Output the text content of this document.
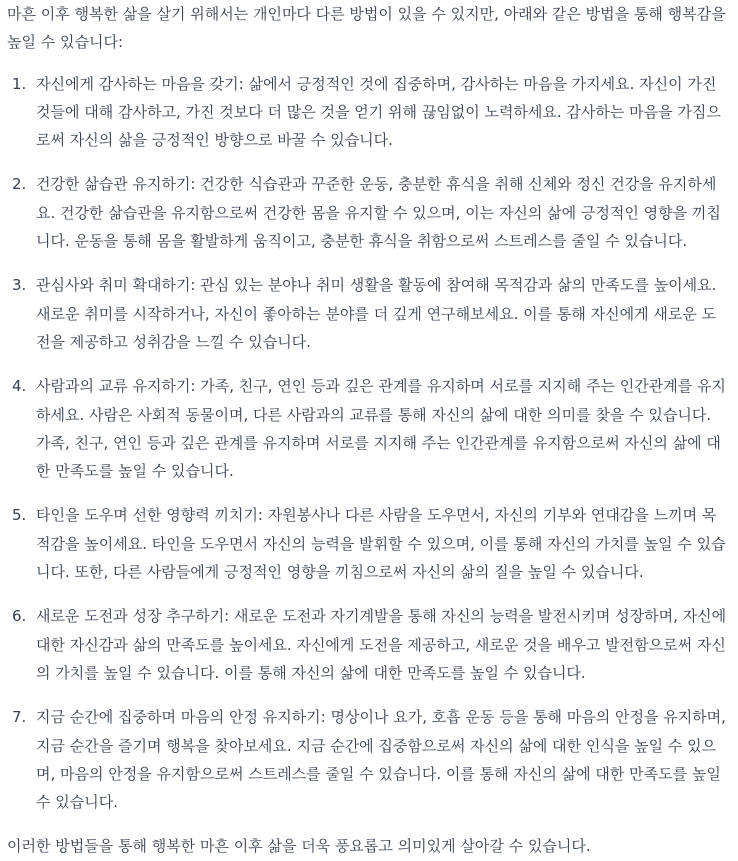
마흔 이후 행복한 삶을 살기 위해서는 개인마다 다른 방법이 있을 수 있지만, 아래와 같은 방법을 통해 행복감을 높일 수 있습니다:

1. 자신에게 감사하는 마음을 갖기: 삶에서 긍정적인 것에 집중하며, 감사하는 마음을 가지세요. 자신이 가진 것들에 대해 감사하고, 가진 것보다 더 많은 것을 얻기 위해 끊임없이 노력하세요. 감사하는 마음을 가짐으로써 자신의 삶을 긍정적인 방향으로 바꿀 수 있습니다.
2. 건강한 삶습관 유지하기: 건강한 식습관과 꾸준한 운동, 충분한 휴식을 취해 신체와 정신 건강을 유지하세요. 건강한 삶습관을 유지함으로써 건강한 몸을 유지할 수 있으며, 이는 자신의 삶에 긍정적인 영향을 끼칩니다. 운동을 통해 몸을 활발하게 움직이고, 충분한 휴식을 취함으로써 스트레스를 줄일 수 있습니다.
3. 관심사와 취미 확대하기: 관심 있는 분야나 취미 생활을 활동에 참여해 목적감과 삶의 만족도를 높이세요. 새로운 취미를 시작하거나, 자신이 좋아하는 분야를 더 깊게 연구해보세요. 이를 통해 자신에게 새로운 도전을 제공하고 성취감을 느낄 수 있습니다.
4. 사람과의 교류 유지하기: 가족, 친구, 연인 등과 깊은 관계를 유지하며 서로를 지지해 주는 인간관계를 유지하세요. 사람은 사회적 동물이며, 다른 사람과의 교류를 통해 자신의 삶에 대한 의미를 찾을 수 있습니다. 가족, 친구, 연인 등과 깊은 관계를 유지하며 서로를 지지해 주는 인간관계를 유지함으로써 자신의 삶에 대한 만족도를 높일 수 있습니다.
5. 타인을 도우며 선한 영향력 끼치기: 자원봉사나 다른 사람을 도우면서, 자신의 기부와 연대감을 느끼며 목적감을 높이세요. 타인을 도우면서 자신의 능력을 발휘할 수 있으며, 이를 통해 자신의 가치를 높일 수 있습니다. 또한, 다른 사람들에게 긍정적인 영향을 끼침으로써 자신의 삶의 질을 높일 수 있습니다.
6. 새로운 도전과 성장 추구하기: 새로운 도전과 자기계발을 통해 자신의 능력을 발전시키며 성장하며, 자신에 대한 자신감과 삶의 만족도를 높이세요. 자신에게 도전을 제공하고, 새로운 것을 배우고 발전함으로써 자신의 가치를 높일 수 있습니다. 이를 통해 자신의 삶에 대한 만족도를 높일 수 있습니다.
7. 지금 순간에 집중하며 마음의 안정 유지하기: 명상이나 요가, 호흡 운동 등을 통해 마음의 안정을 유지하며, 지금 순간을 즐기며 행복을 찾아보세요. 지금 순간에 집중함으로써 자신의 삶에 대한 인식을 높일 수 있으며, 마음의 안정을 유지함으로써 스트레스를 줄일 수 있습니다. 이를 통해 자신의 삶에 대한 만족도를 높일 수 있습니다.

이러한 방법들을 통해 행복한 마흔 이후 삶을 더욱 풍요롭고 의미있게 살아갈 수 있습니다.
